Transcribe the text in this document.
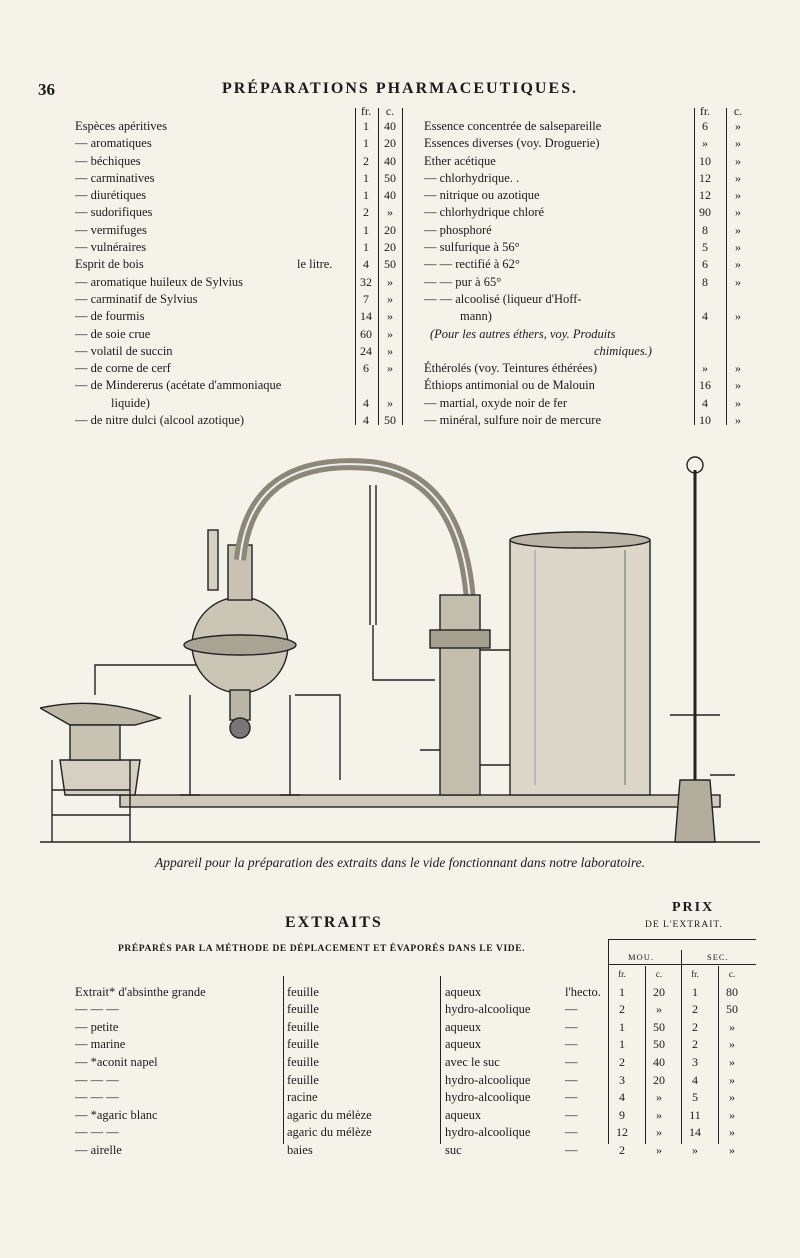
36	PRÉPARATIONS PHARMACEUTIQUES.
fr.	c.
Espèces apéritives	1	40
— aromatiques	1	20
— béchiques	2	40
— carminatives	1	50
— diurétiques	1	40
— sudorifiques	2	»
— vermifuges	1	20
— vulnéraires	1	20
Esprit de bois	le litre.	4	50
— aromatique huileux de Sylvius	32	»
— carminatif de Sylvius	7	»
— de fourmis	14	»
— de soie crue	60	»
— volatil de succin	24	»
— de corne de cerf	6	»
— de Mindererus (acétate d'ammoniaque
liquide)	4	»
— de nitre dulci (alcool azotique)	4	50
fr.	c.
Essence concentrée de salsepareille	6	»
Essences diverses (voy. Droguerie)	»	»
Ether acétique	10	»
— chlorhydrique. .	12	»
— nitrique ou azotique	12	»
— chlorhydrique chloré	90	»
— phosphoré	8	»
— sulfurique à 56°	5	»
— — rectifié à 62°	6	»
— — pur à 65°	8	»
— — alcoolisé (liqueur d'Hoff-
mann)	4	»
(Pour les autres éthers, voy. Produits
chimiques.)
Éthérolés (voy. Teintures éthérées)	»	»
Éthiops antimonial ou de Malouin	16	»
— martial, oxyde noir de fer	4	»
— minéral, sulfure noir de mercure	10	»
Appareil pour la préparation des extraits dans le vide fonctionnant dans notre laboratoire.
EXTRAITS
PRÉPARÉS PAR LA MÉTHODE DE DÉPLACEMENT ET ÉVAPORÉS DANS LE VIDE.
PRIX
DE L'EXTRAIT.
MOU.	SEC.
fr.	c.	fr.	c.
Extrait* d'absinthe grande	feuille	aqueux	l'hecto.	1	20	1	80
— — —	feuille	hydro-alcoolique	—	2	»	2	50
— petite	feuille	aqueux	—	1	50	2	»
— marine	feuille	aqueux	—	1	50	2	»
— *aconit napel	feuille	avec le suc	—	2	40	3	»
— — —	feuille	hydro-alcoolique	—	3	20	4	»
— — —	racine	hydro-alcoolique	—	4	»	5	»
— *agaric blanc	agaric du mélèze	aqueux	—	9	»	11	»
— — —	agaric du mélèze	hydro-alcoolique	—	12	»	14	»
— airelle	baies	suc	—	2	»	»	»
